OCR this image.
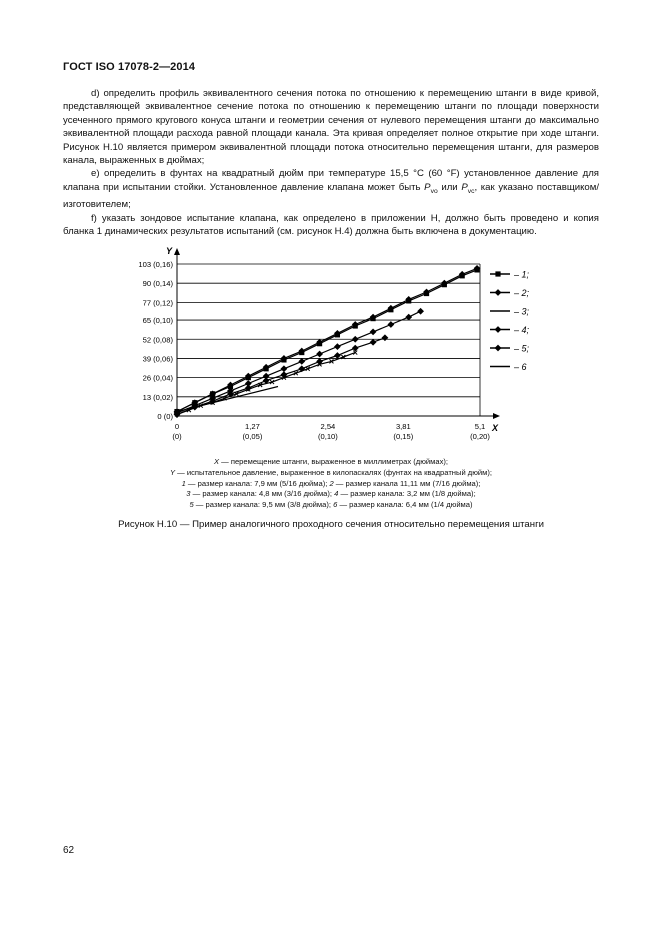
ГОСТ ISO 17078-2—2014

d) определить профиль эквивалентного сечения потока по отношению к перемещению штанги в виде кривой, представляющей эквивалентное сечение потока по отношению к перемещению штанги по площади поверхности усеченного прямого кругового конуса штанги и геометрии сечения от нулевого перемещения штанги до максимально эквивалентной площади расхода равной площади канала. Эта кривая определяет полное открытие при ходе штанги. Рисунок Н.10 является примером эквивалентной площади потока относительно перемещения штанги, для размеров канала, выраженных в дюймах;

e) определить в фунтах на квадратный дюйм при температуре 15,5 °C (60 °F) установленное давление для клапана при испытании стойки. Установленное давление клапана может быть $P_{vo}$ или $P_{vc}$, как указано поставщиком/изготовителем;

f) указать зондовое испытание клапана, как определено в приложении Н, должно быть проведено и копия бланка 1 динамических результатов испытаний (см. рисунок Н.4) должна быть включена в документацию.

0 (0)
13 (0,02)
26 (0,04)
39 (0,06)
52 (0,08)
65 (0,10)
77 (0,12)
90 (0,14)
103 (0,16)
Y
X
0
(0)
1,27
(0,05)
2,54
(0,10)
3,81
(0,15)
5,1
(0,20)
– 1;
– 2;
– 3;
– 4;
– 5;
– 6
X — перемещение штанги, выраженное в миллиметрах (дюймах);
Y — испытательное давление, выраженное в килопаскалях (фунтах на квадратный дюйм);
1 — размер канала: 7,9 мм (5/16 дюйма); 2 — размер канала 11,11 мм (7/16 дюйма);
3 — размер канала: 4,8 мм (3/16 дюйма); 4 — размер канала: 3,2 мм (1/8 дюйма);
5 — размер канала: 9,5 мм (3/8 дюйма); 6 — размер канала: 6,4 мм (1/4 дюйма)
Рисунок Н.10 — Пример аналогичного проходного сечения относительно перемещения штанги
62
